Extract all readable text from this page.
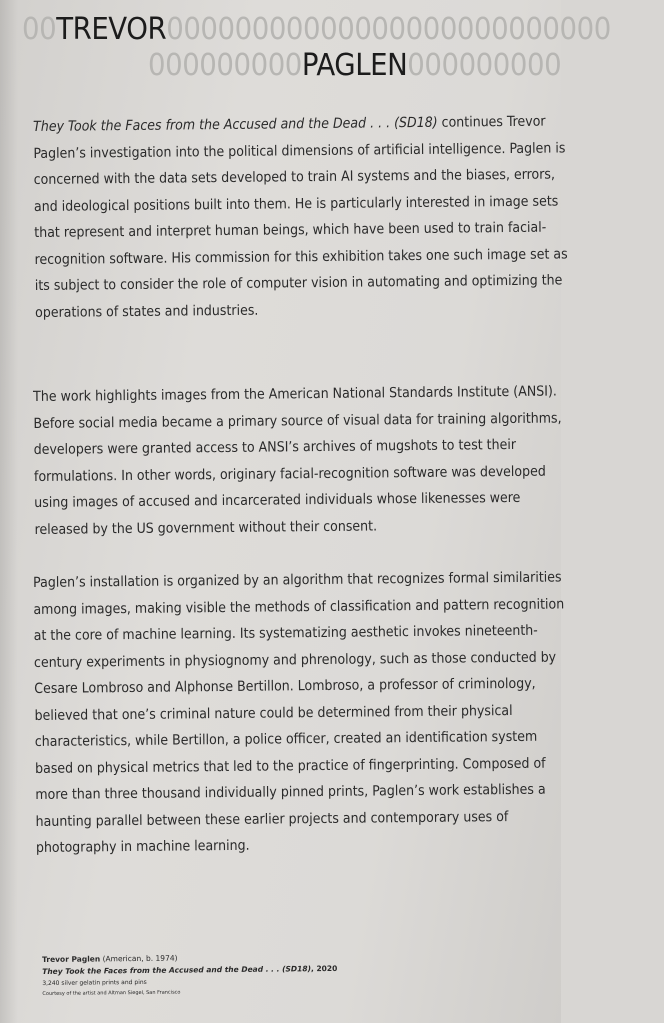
00TREVOR00000000000000000000000000
000000000PAGLEN000000000

They Took the Faces from the Accused and the Dead . . . (SD18) continues Trevor Paglen’s investigation into the political dimensions of artificial intelligence. Paglen is concerned with the data sets developed to train AI systems and the biases, errors, and ideological positions built into them. He is particularly interested in image sets that represent and interpret human beings, which have been used to train facial-recognition software. His commission for this exhibition takes one such image set as its subject to consider the role of computer vision in automating and optimizing the operations of states and industries.

The work highlights images from the American National Standards Institute (ANSI). Before social media became a primary source of visual data for training algorithms, developers were granted access to ANSI’s archives of mugshots to test their formulations. In other words, originary facial-recognition software was developed using images of accused and incarcerated individuals whose likenesses were released by the US government without their consent.

Paglen’s installation is organized by an algorithm that recognizes formal similarities among images, making visible the methods of classification and pattern recognition at the core of machine learning. Its systematizing aesthetic invokes nineteenth-century experiments in physiognomy and phrenology, such as those conducted by Cesare Lombroso and Alphonse Bertillon. Lombroso, a professor of criminology, believed that one’s criminal nature could be determined from their physical characteristics, while Bertillon, a police officer, created an identification system based on physical metrics that led to the practice of fingerprinting. Composed of more than three thousand individually pinned prints, Paglen’s work establishes a haunting parallel between these earlier projects and contemporary uses of photography in machine learning.

Trevor Paglen (American, b. 1974)
They Took the Faces from the Accused and the Dead . . . (SD18), 2020
3,240 silver gelatin prints and pins
Courtesy of the artist and Altman Siegel, San Francisco
